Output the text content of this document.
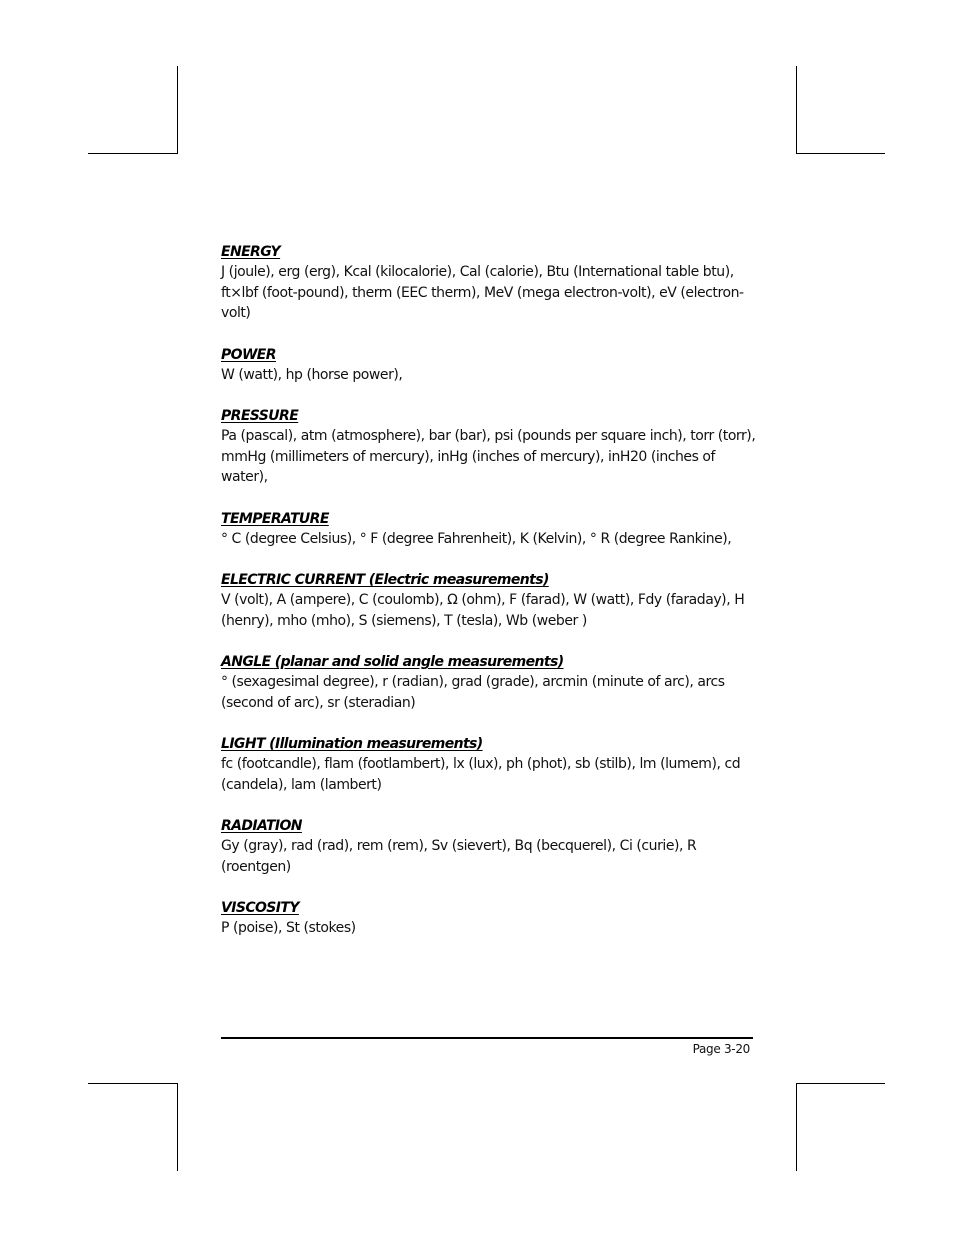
ENERGY
J (joule), erg (erg), Kcal (kilocalorie), Cal (calorie), Btu (International table btu), ft×lbf (foot-pound), therm (EEC therm), MeV (mega electron-volt), eV (electron-volt)
POWER
W (watt), hp (horse power),
PRESSURE
Pa (pascal), atm (atmosphere), bar (bar), psi (pounds per square inch), torr (torr), mmHg (millimeters of mercury), inHg (inches of mercury), inH20 (inches of water),
TEMPERATURE
° C (degree Celsius), ° F (degree Fahrenheit), K (Kelvin), ° R (degree Rankine),
ELECTRIC CURRENT (Electric measurements)
V (volt), A (ampere), C (coulomb), Ω (ohm), F (farad), W (watt), Fdy (faraday), H (henry), mho (mho), S (siemens), T (tesla), Wb (weber )
ANGLE (planar and solid angle measurements)
° (sexagesimal degree), r (radian), grad (grade), arcmin (minute of arc), arcs (second of arc), sr (steradian)
LIGHT (Illumination measurements)
fc (footcandle), flam (footlambert), lx (lux), ph (phot), sb (stilb), lm (lumem), cd (candela), lam (lambert)
RADIATION
Gy (gray), rad (rad), rem (rem), Sv (sievert), Bq (becquerel), Ci (curie), R (roentgen)
VISCOSITY
P (poise), St (stokes)
Page 3-20
